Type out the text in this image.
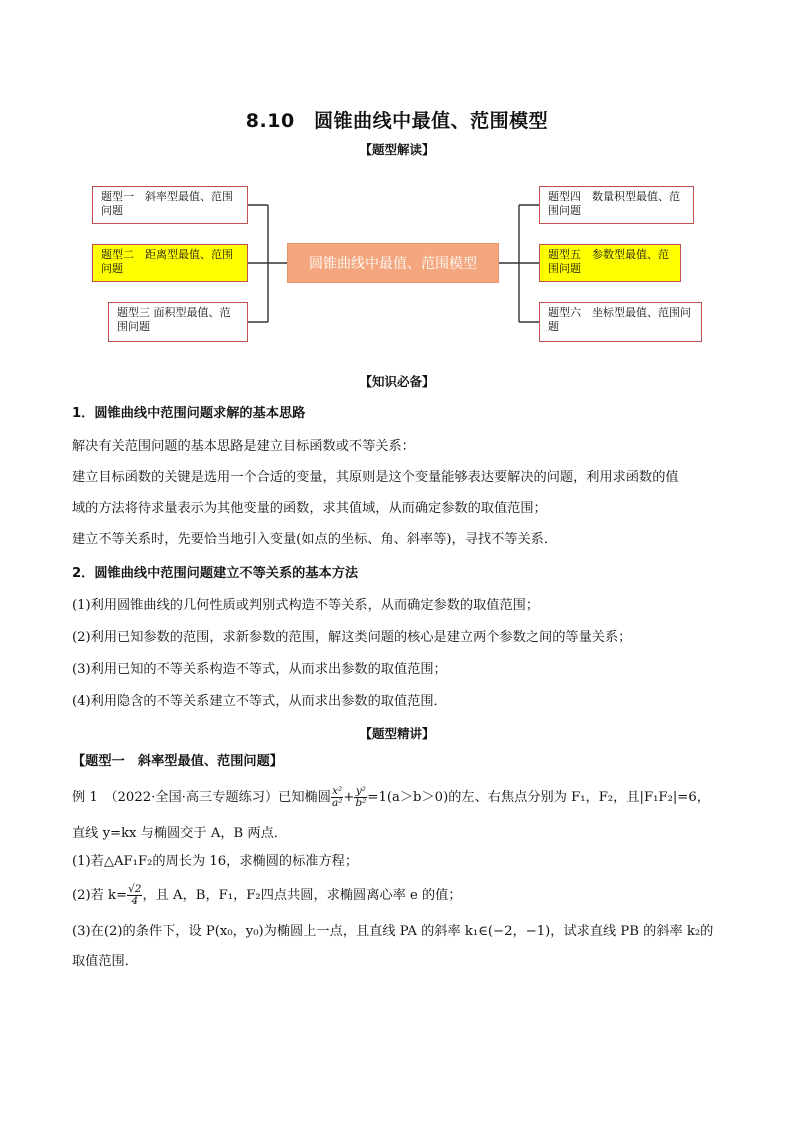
8.10　圆锥曲线中最值、范围模型
【题型解读】
题型一　斜率型最值、范围问题
题型二　距离型最值、范围问题
题型三 面积型最值、范围问题
圆锥曲线中最值、范围模型
题型四　数量积型最值、范围问题
题型五　参数型最值、范围问题
题型六　坐标型最值、范围问题
【知识必备】
1．圆锥曲线中范围问题求解的基本思路
解决有关范围问题的基本思路是建立目标函数或不等关系：
建立目标函数的关键是选用一个合适的变量，其原则是这个变量能够表达要解决的问题，利用求函数的值
域的方法将待求量表示为其他变量的函数，求其值域，从而确定参数的取值范围；
建立不等关系时，先要恰当地引入变量(如点的坐标、角、斜率等)，寻找不等关系．
2．圆锥曲线中范围问题建立不等关系的基本方法
(1)利用圆锥曲线的几何性质或判别式构造不等关系，从而确定参数的取值范围；
(2)利用已知参数的范围，求新参数的范围，解这类问题的核心是建立两个参数之间的等量关系；
(3)利用已知的不等关系构造不等式，从而求出参数的取值范围；
(4)利用隐含的不等关系建立不等式，从而求出参数的取值范围．
【题型精讲】
【题型一　斜率型最值、范围问题】
例 1　（2022·全国·高三专题练习）已知椭圆 $\frac{\text{x²}}{\text{a²}} + \frac{\text{y²}}{\text{b²}} =1(a>b>0)$的左、右焦点分别为 F₁，F₂，且|F₁F₂|=6，
直线 y=kx 与椭圆交于 A，B 两点．
(1)若△AF₁F₂的周长为 16，求椭圆的标准方程；
(2)若 $k= \frac{√2}{4}$ ，且 A，B，F₁，F₂四点共圆，求椭圆离心率 e 的值；
(3)在(2)的条件下，设 P(x₀，y₀)为椭圆上一点，且直线 PA 的斜率 k₁∈(−2，−1)，试求直线 PB 的斜率 k₂的
取值范围．
